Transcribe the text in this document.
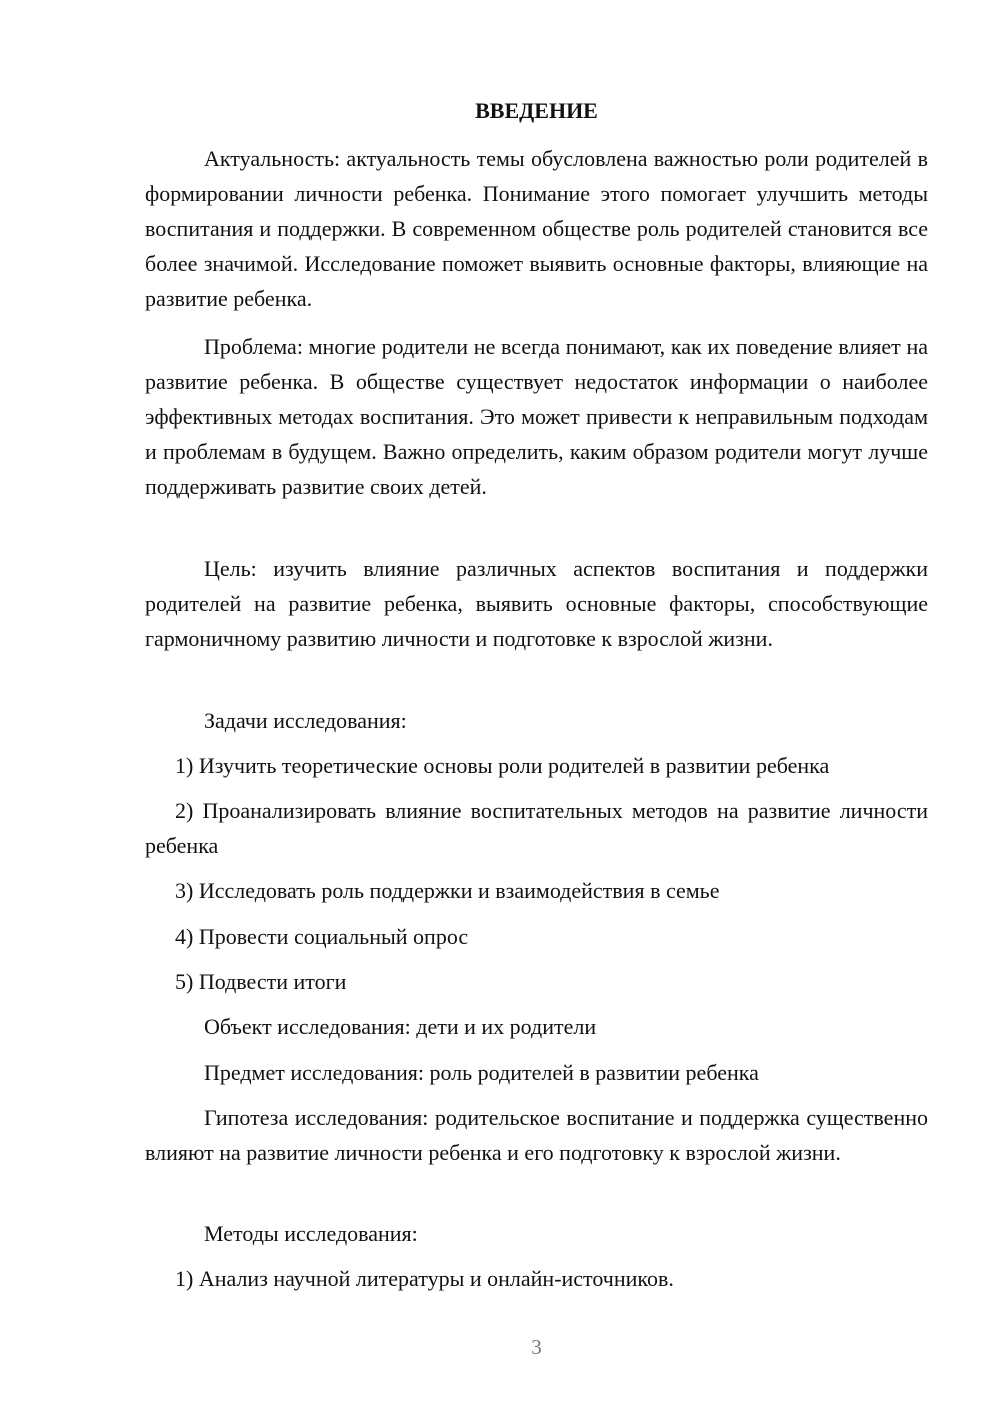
ВВЕДЕНИЕ

Актуальность: актуальность темы обусловлена важностью роли родителей в формировании личности ребенка. Понимание этого помогает улучшить методы воспитания и поддержки. В современном обществе роль родителей становится все более значимой. Исследование поможет выявить основные факторы, влияющие на развитие ребенка.

Проблема: многие родители не всегда понимают, как их поведение влияет на развитие ребенка. В обществе существует недостаток информации о наиболее эффективных методах воспитания. Это может привести к неправильным подходам и проблемам в будущем. Важно определить, каким образом родители могут лучше поддерживать развитие своих детей.

Цель: изучить влияние различных аспектов воспитания и поддержки родителей на развитие ребенка, выявить основные факторы, способствующие гармоничному развитию личности и подготовке к взрослой жизни.

Задачи исследования:

1) Изучить теоретические основы роли родителей в развитии ребенка

2) Проанализировать влияние воспитательных методов на развитие личности ребенка

3) Исследовать роль поддержки и взаимодействия в семье

4) Провести социальный опрос

5) Подвести итоги

Объект исследования: дети и их родители

Предмет исследования: роль родителей в развитии ребенка

Гипотеза исследования: родительское воспитание и поддержка существенно влияют на развитие личности ребенка и его подготовку к взрослой жизни.

Методы исследования:

1) Анализ научной литературы и онлайн-источников.

3
